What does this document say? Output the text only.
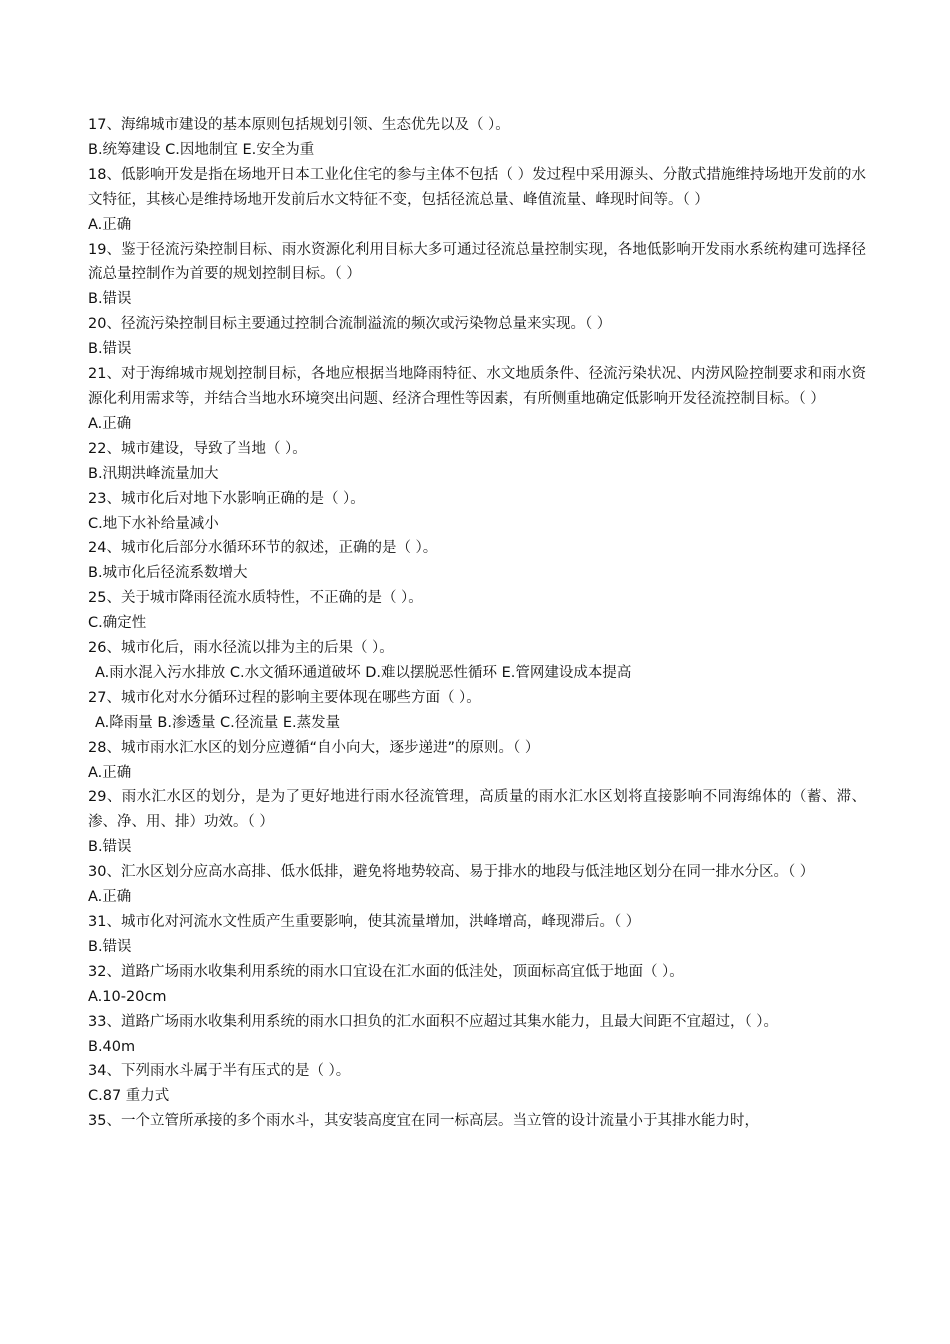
17、海绵城市建设的基本原则包括规划引领、生态优先以及（ ）。

B.统筹建设 C.因地制宜 E.安全为重

18、低影响开发是指在场地开日本工业化住宅的参与主体不包括（ ）发过程中采用源头、分散式措施维持场地开发前的水文特征，其核心是维持场地开发前后水文特征不变，包括径流总量、峰值流量、峰现时间等。（ ）

A.正确

19、鉴于径流污染控制目标、雨水资源化利用目标大多可通过径流总量控制实现，各地低影响开发雨水系统构建可选择径流总量控制作为首要的规划控制目标。（ ）

B.错误

20、径流污染控制目标主要通过控制合流制溢流的频次或污染物总量来实现。（ ）

B.错误

21、对于海绵城市规划控制目标，各地应根据当地降雨特征、水文地质条件、径流污染状况、内涝风险控制要求和雨水资源化利用需求等，并结合当地水环境突出问题、经济合理性等因素，有所侧重地确定低影响开发径流控制目标。（ ）

A.正确

22、城市建设，导致了当地（ ）。

B.汛期洪峰流量加大

23、城市化后对地下水影响正确的是（ ）。

C.地下水补给量减小

24、城市化后部分水循环环节的叙述，正确的是（ ）。

B.城市化后径流系数增大

25、关于城市降雨径流水质特性，不正确的是（ ）。

C.确定性

26、城市化后，雨水径流以排为主的后果（ ）。

A.雨水混入污水排放 C.水文循环通道破坏 D.难以摆脱恶性循环 E.管网建设成本提高

27、城市化对水分循环过程的影响主要体现在哪些方面（ ）。

A.降雨量 B.渗透量 C.径流量 E.蒸发量

28、城市雨水汇水区的划分应遵循“自小向大，逐步递进”的原则。（ ）

A.正确

29、雨水汇水区的划分，是为了更好地进行雨水径流管理，高质量的雨水汇水区划将直接影响不同海绵体的（蓄、滞、渗、净、用、排）功效。（ ）

B.错误

30、汇水区划分应高水高排、低水低排，避免将地势较高、易于排水的地段与低洼地区划分在同一排水分区。（ ）

A.正确

31、城市化对河流水文性质产生重要影响，使其流量增加，洪峰增高，峰现滞后。（ ）

B.错误

32、道路广场雨水收集利用系统的雨水口宜设在汇水面的低洼处，顶面标高宜低于地面（ ）。

A.10-20cm

33、道路广场雨水收集利用系统的雨水口担负的汇水面积不应超过其集水能力，且最大间距不宜超过，（ ）。

B.40m

34、下列雨水斗属于半有压式的是（ ）。

C.87 重力式

35、一个立管所承接的多个雨水斗，其安装高度宜在同一标高层。当立管的设计流量小于其排水能力时，
